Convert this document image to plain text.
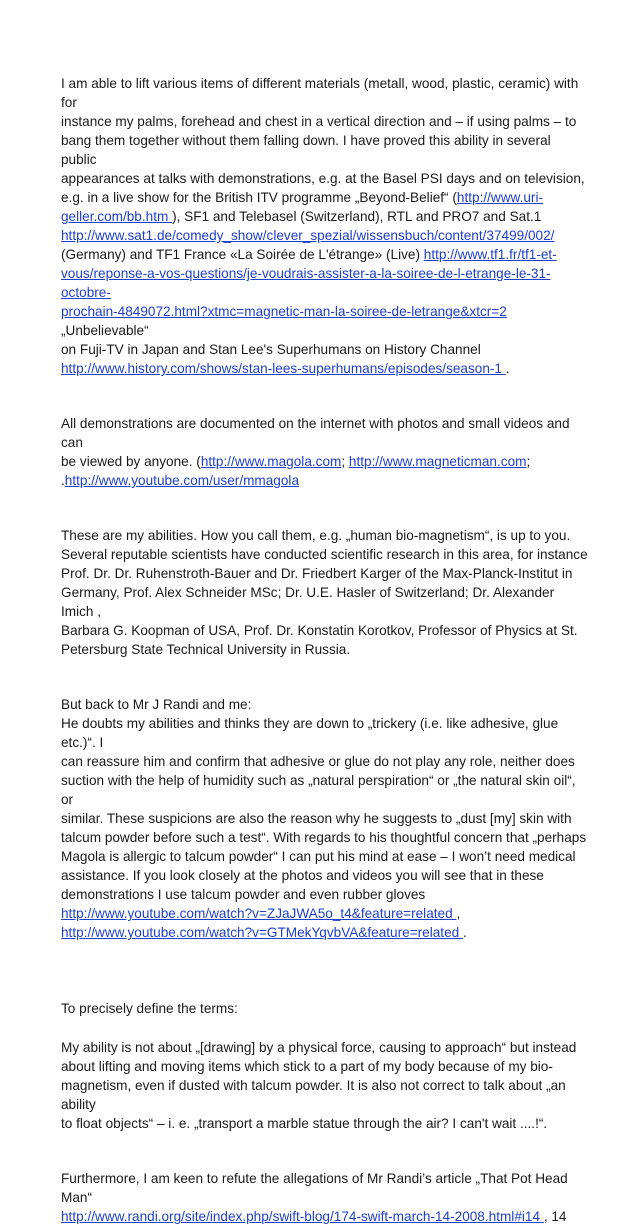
I am able to lift various items of different materials (metall, wood, plastic, ceramic) with for
instance my palms, forehead and chest in a vertical direction and – if using palms – to
bang them together without them falling down. I have proved this ability in several public
appearances at talks with demonstrations, e.g. at the Basel PSI days and on television,
e.g. in a live show for the British ITV programme „Beyond-Belief“ (http://www.uri-
geller.com/bb.htm ), SF1 and Telebasel (Switzerland), RTL and PRO7 and Sat.1
http://www.sat1.de/comedy_show/clever_spezial/wissensbuch/content/37499/002/
(Germany) and TF1 France «La Soirée de L'étrange» (Live) http://www.tf1.fr/tf1-et-
vous/reponse-a-vos-questions/je-voudrais-assister-a-la-soiree-de-l-etrange-le-31-octobre-
prochain-4849072.html?xtmc=magnetic-man-la-soiree-de-letrange&xtcr=2 „Unbelievable“
on Fuji-TV in Japan and Stan Lee's Superhumans on History Channel
http://www.history.com/shows/stan-lees-superhumans/episodes/season-1 .

All demonstrations are documented on the internet with photos and small videos and can
be viewed by anyone. (http://www.magola.com; http://www.magneticman.com;
.http://www.youtube.com/user/mmagola

These are my abilities. How you call them, e.g. „human bio-magnetism“, is up to you.
Several reputable scientists have conducted scientific research in this area, for instance
Prof. Dr. Dr. Ruhenstroth-Bauer and Dr. Friedbert Karger of the Max-Planck-Institut in
Germany, Prof. Alex Schneider MSc; Dr. U.E. Hasler of Switzerland; Dr. Alexander Imich ,
Barbara G. Koopman of USA, Prof. Dr. Konstatin Korotkov, Professor of Physics at St.
Petersburg State Technical University in Russia.

But back to Mr J Randi and me:
He doubts my abilities and thinks they are down to „trickery (i.e. like adhesive, glue etc.)“. I
can reassure him and confirm that adhesive or glue do not play any role, neither does
suction with the help of humidity such as „natural perspiration“ or „the natural skin oil“, or
similar. These suspicions are also the reason why he suggests to „dust [my] skin with
talcum powder before such a test“. With regards to his thoughtful concern that „perhaps
Magola is allergic to talcum powder“ I can put his mind at ease – I won’t need medical
assistance. If you look closely at the photos and videos you will see that in these
demonstrations I use talcum powder and even rubber gloves
http://www.youtube.com/watch?v=ZJaJWA5o_t4&feature=related ,
http://www.youtube.com/watch?v=GTMekYqvbVA&feature=related .

To precisely define the terms:

My ability is not about „[drawing] by a physical force, causing to approach“ but instead
about lifting and moving items which stick to a part of my body because of my bio-
magnetism, even if dusted with talcum powder. It is also not correct to talk about „an ability
to float objects“ – i. e. „transport a marble statue through the air? I can't wait ....!“.

Furthermore, I am keen to refute the allegations of Mr Randi’s article „That Pot Head Man“
http://www.randi.org/site/index.php/swift-blog/174-swift-march-14-2008.html#i14 , 14
